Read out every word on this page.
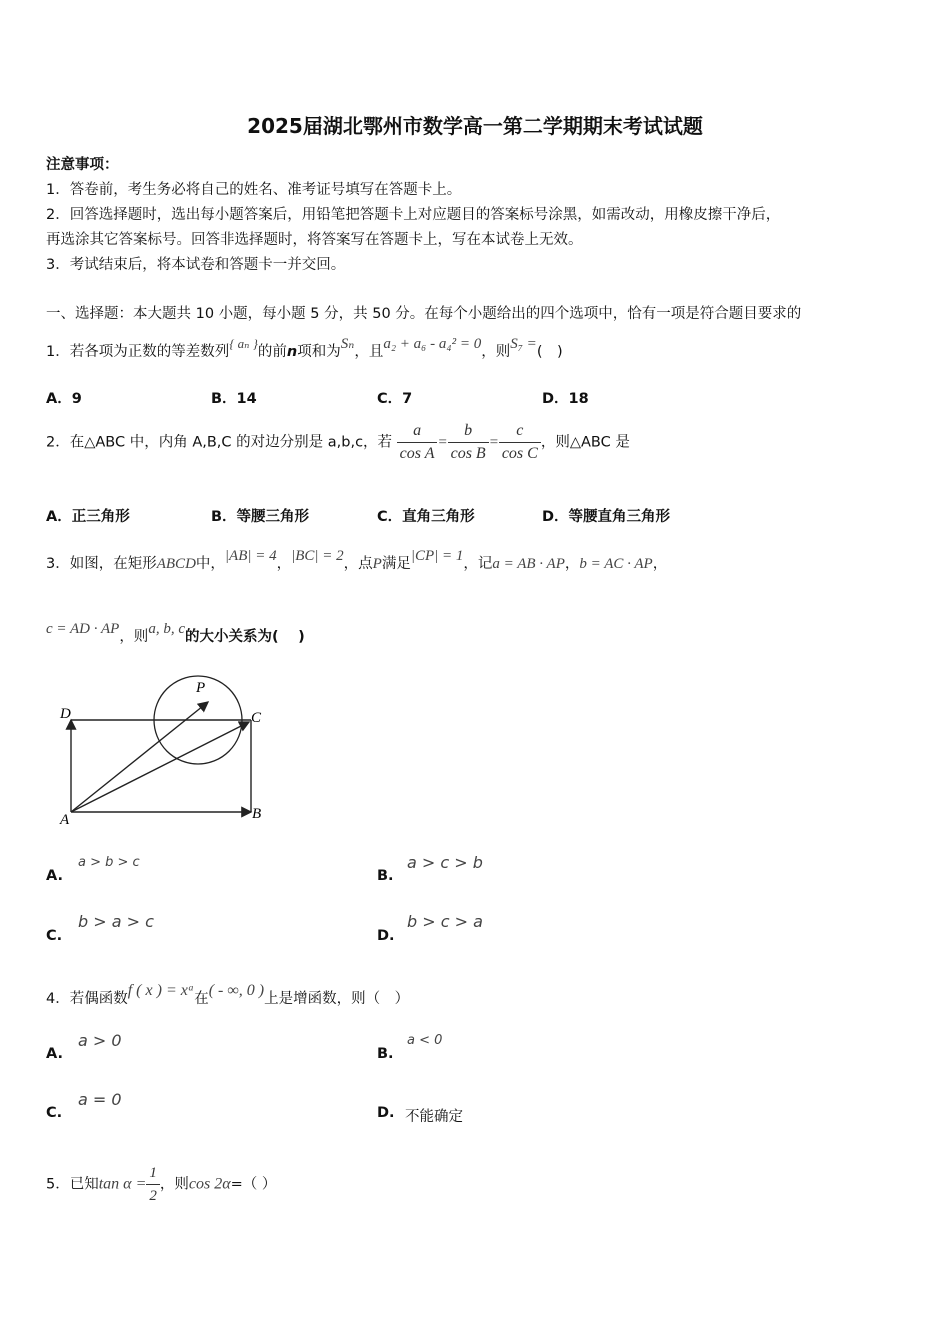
2025届湖北鄂州市数学高一第二学期期末考试试题
注意事项：
1．答卷前，考生务必将自己的姓名、准考证号填写在答题卡上。
2．回答选择题时，选出每小题答案后，用铅笔把答题卡上对应题目的答案标号涂黑，如需改动，用橡皮擦干净后，
再选涂其它答案标号。回答非选择题时，将答案写在答题卡上，写在本试卷上无效。
3．考试结束后，将本试卷和答题卡一并交回。
一、选择题：本大题共 10 小题，每小题 5 分，共 50 分。在每个小题给出的四个选项中，恰有一项是符合题目要求的
1．若各项为正数的等差数列{ aₙ }的前n项和为Sₙ，且a₂ + a₆ - a₄² = 0，则S₇ =(　)
A．9	B．14	C．7	D．18
2．在△ABC 中，内角 A,B,C 的对边分别是 a,b,c，若 $\frac{a}{\text{cos A}} = \frac{b}{\text{cos B}} = \frac{c}{\text{cos C}}$ ，则△ABC 是
A．正三角形	B．等腰三角形	C．直角三角形	D．等腰直角三角形
3．如图，在矩形ABCD中，|AB| = 4，|BC| = 2，点P满足|CP| = 1，记a = AB · AP，b = AC · AP，
c = AD · AP，则a, b, c的大小关系为(　 )
D	C
P
A	B
A.
a > b > c
B.
a > c > b
C.
b > a > c
D.
b > c > a
4．若偶函数f ( x ) = xᵃ在( - ∞, 0 )上是增函数，则（　）
A.
a > 0
B.
a < 0
C.
a = 0
D. 不能确定
5．已知$\tan \alpha = \frac{1}{2}$ ，则cos 2α=（ ）
